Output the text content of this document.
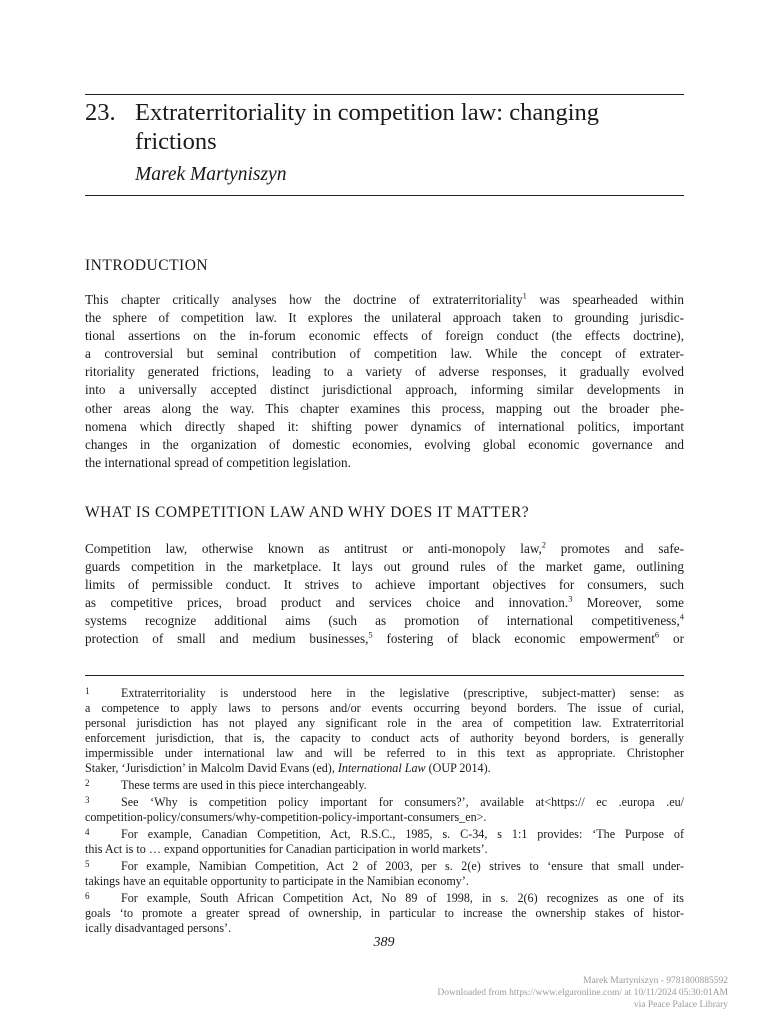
23. Extraterritoriality in competition law: changing
frictions
Marek Martyniszyn
INTRODUCTION
This chapter critically analyses how the doctrine of extraterritoriality$^1$ was spearheaded within
the sphere of competition law. It explores the unilateral approach taken to grounding jurisdic-
tional assertions on the in-forum economic effects of foreign conduct (the effects doctrine),
a controversial but seminal contribution of competition law. While the concept of extrater-
ritoriality generated frictions, leading to a variety of adverse responses, it gradually evolved
into a universally accepted distinct jurisdictional approach, informing similar developments in
other areas along the way. This chapter examines this process, mapping out the broader phe-
nomena which directly shaped it: shifting power dynamics of international politics, important
changes in the organization of domestic economies, evolving global economic governance and
the international spread of competition legislation.
WHAT IS COMPETITION LAW AND WHY DOES IT MATTER?
Competition law, otherwise known as antitrust or anti-monopoly law,$^2$ promotes and safe-
guards competition in the marketplace. It lays out ground rules of the market game, outlining
limits of permissible conduct. It strives to achieve important objectives for consumers, such
as competitive prices, broad product and services choice and innovation.$^3$ Moreover, some
systems recognize additional aims (such as promotion of international competitiveness,$^4$
protection of small and medium businesses,$^5$ fostering of black economic empowerment$^6$ or
1	Extraterritoriality is understood here in the legislative (prescriptive, subject-matter) sense: as
a competence to apply laws to persons and/or events occurring beyond borders. The issue of curial,
personal jurisdiction has not played any significant role in the area of competition law. Extraterritorial
enforcement jurisdiction, that is, the capacity to conduct acts of authority beyond borders, is generally
impermissible under international law and will be referred to in this text as appropriate. Christopher
Staker, ‘Jurisdiction’ in Malcolm David Evans (ed), International Law (OUP 2014).
2	These terms are used in this piece interchangeably.
3	See ‘Why is competition policy important for consumers?’, available at<https:// ec .europa .eu/
competition-policy/consumers/why-competition-policy-important-consumers_en>.
4	For example, Canadian Competition, Act, R.S.C., 1985, s. C-34, s 1:1 provides: ‘The Purpose of
this Act is to … expand opportunities for Canadian participation in world markets’.
5	For example, Namibian Competition, Act 2 of 2003, per s. 2(e) strives to ‘ensure that small under-
takings have an equitable opportunity to participate in the Namibian economy’.
6	For example, South African Competition Act, No 89 of 1998, in s. 2(6) recognizes as one of its
goals ‘to promote a greater spread of ownership, in particular to increase the ownership stakes of histor-
ically disadvantaged persons’.
389
Marek Martyniszyn - 9781800885592
Downloaded from https://www.elgaronline.com/ at 10/11/2024 05:30:01AM
via Peace Palace Library
